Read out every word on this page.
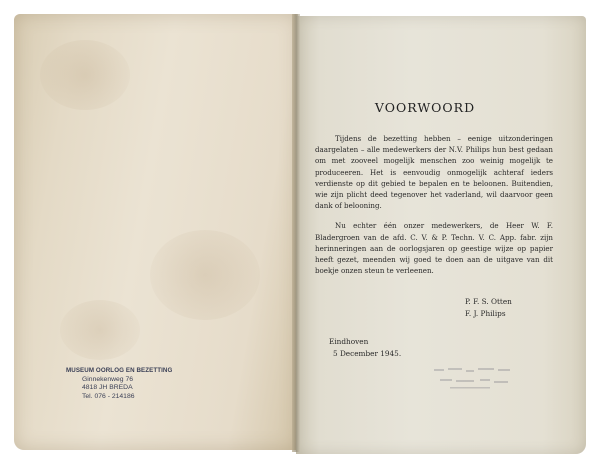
VOORWOORD

Tijdens de bezetting hebben – eenige uitzonderingen daargelaten – alle medewerkers der N.V. Philips hun best gedaan om met zooveel mogelijk menschen zoo weinig mogelijk te produceeren. Het is eenvoudig onmogelijk achteraf ieders verdienste op dit gebied te bepalen en te beloonen. Buitendien, wie zijn plicht deed tegenover het vaderland, wil daarvoor geen dank of belooning.

Nu echter één onzer medewerkers, de Heer W. F. Bladergroen van de afd. C. V. & P. Techn. V. C. App. fabr. zijn herinneringen aan de oorlogsjaren op geestige wijze op papier heeft gezet, meenden wij goed te doen aan de uitgave van dit boekje onzen steun te verleenen.

P. F. S. Otten
F. J. Philips
Eindhoven
5 December 1945.
MUSEUM OORLOG EN BEZETTING
Ginnekenweg 76
4818 JH BREDA
Tel. 076 - 214186
